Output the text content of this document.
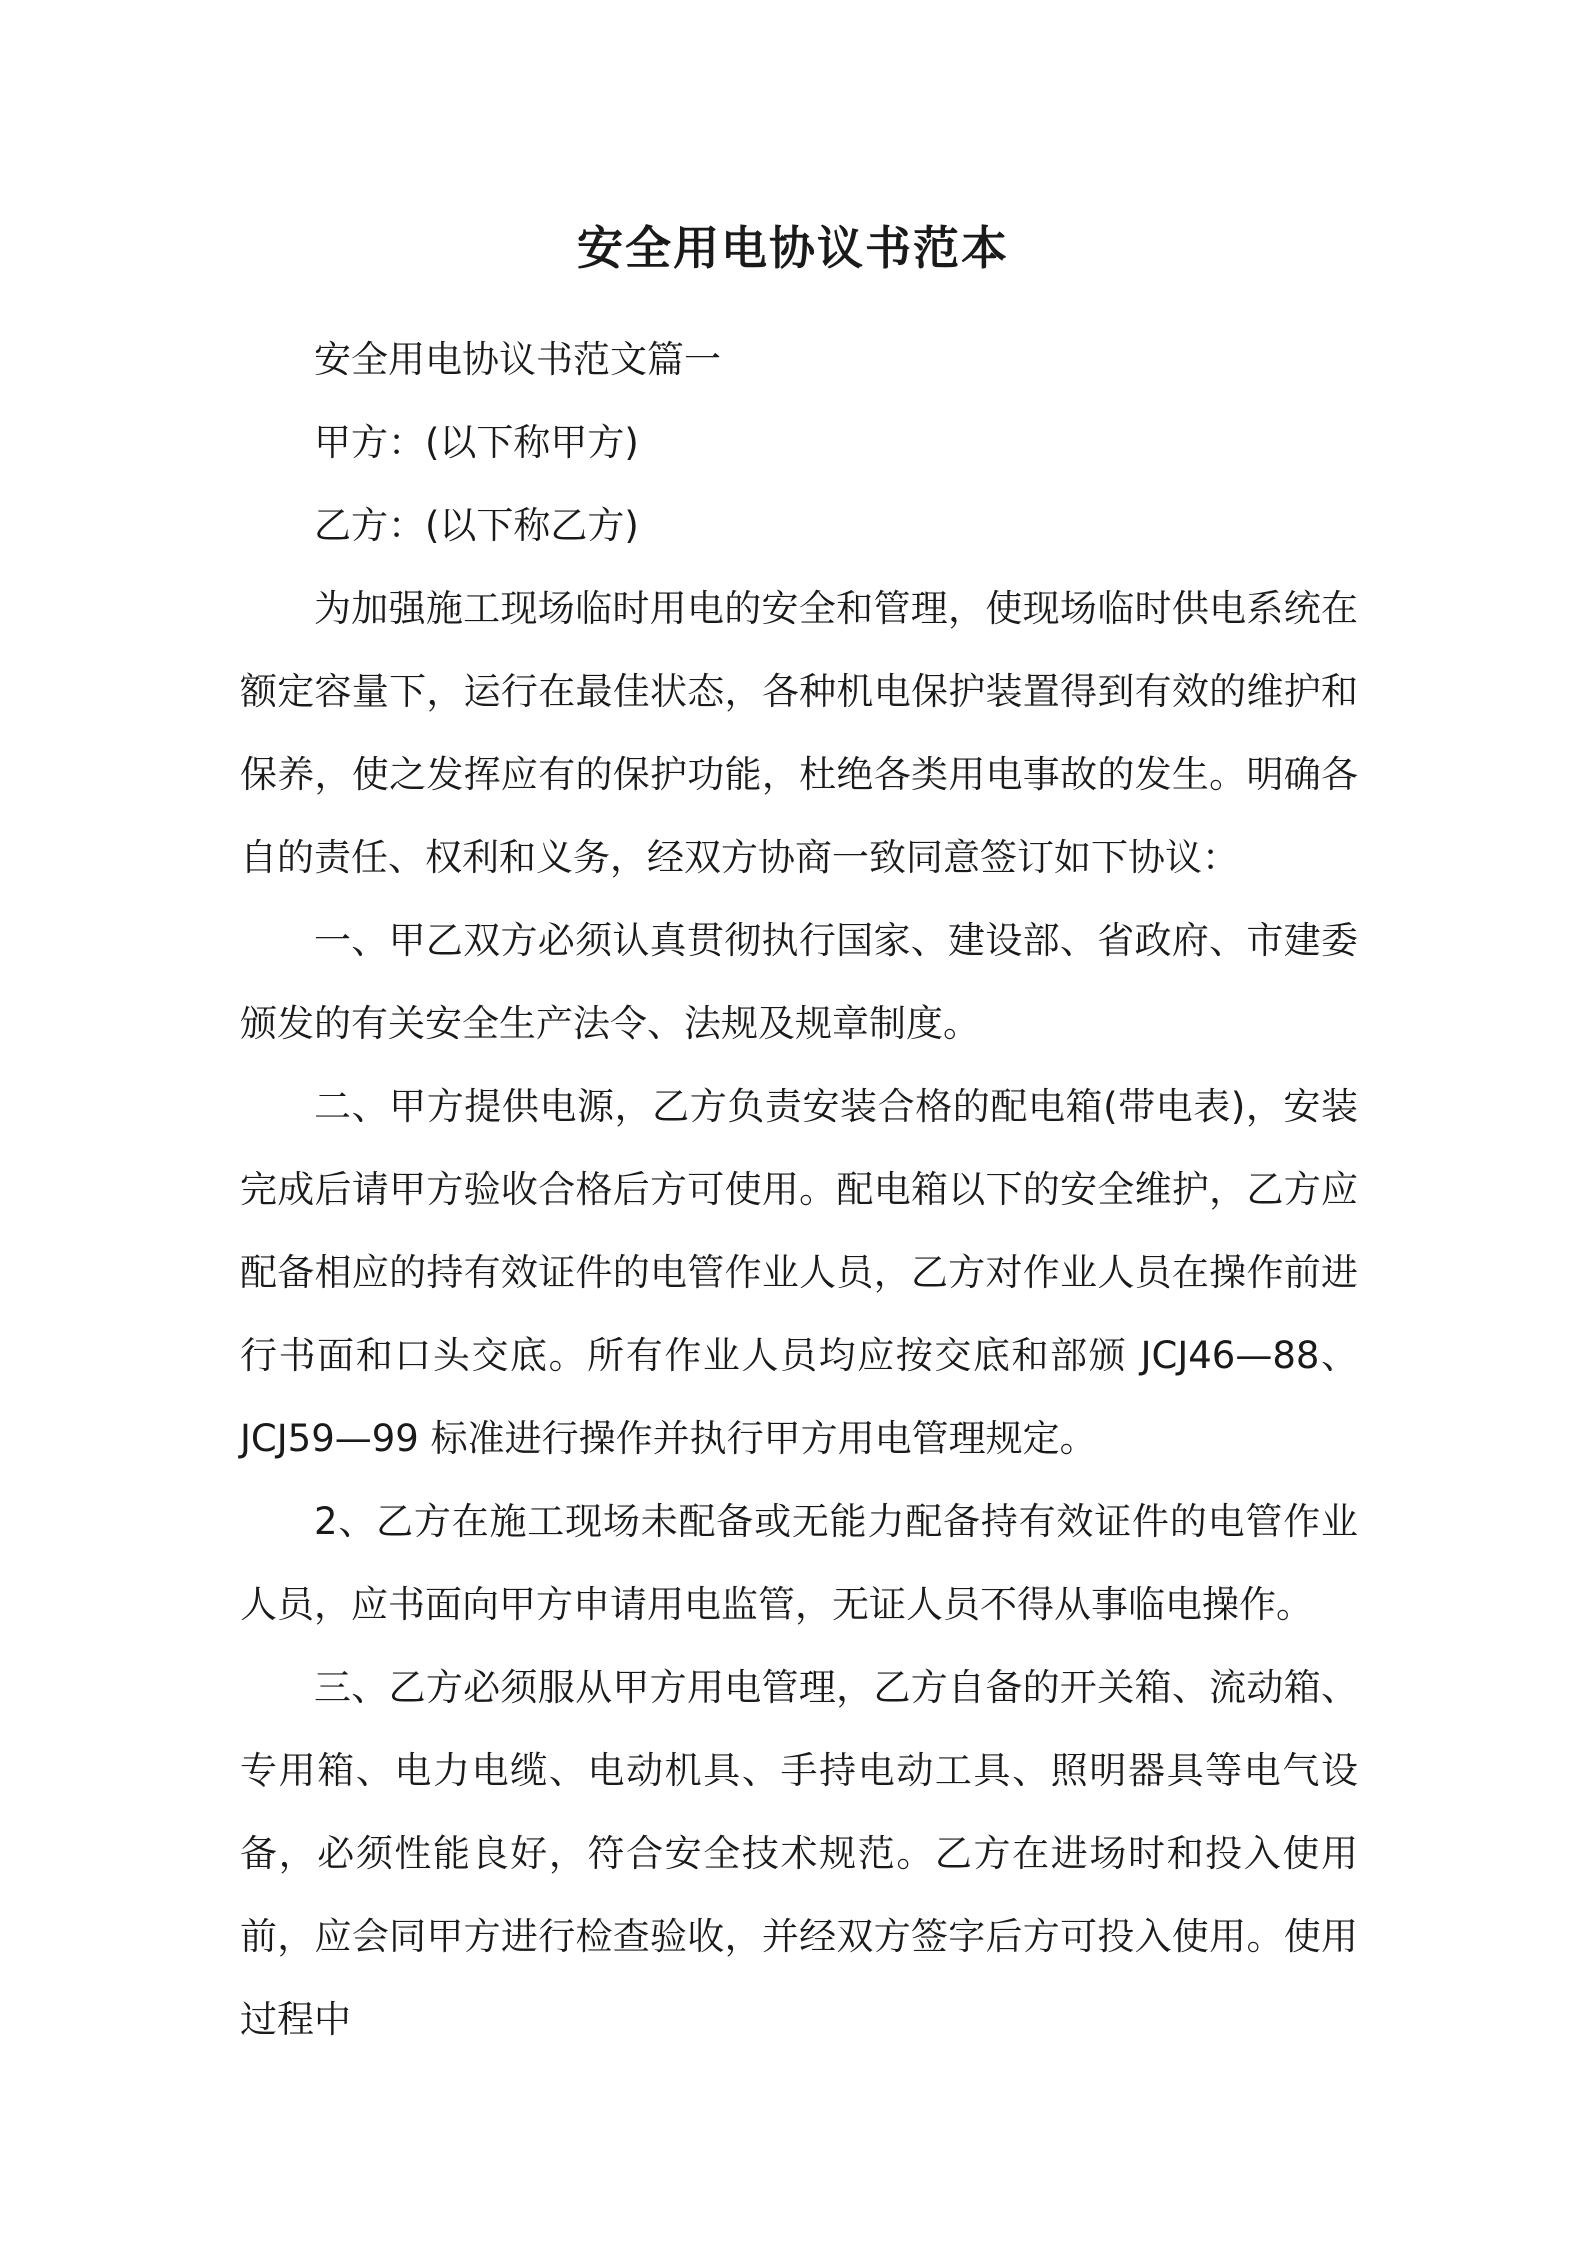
安全用电协议书范本

安全用电协议书范文篇一

甲方：(以下称甲方)

乙方：(以下称乙方)

为加强施工现场临时用电的安全和管理，使现场临时供电系统在额定容量下，运行在最佳状态，各种机电保护装置得到有效的维护和保养，使之发挥应有的保护功能，杜绝各类用电事故的发生。明确各自的责任、权利和义务，经双方协商一致同意签订如下协议：

一、甲乙双方必须认真贯彻执行国家、建设部、省政府、市建委颁发的有关安全生产法令、法规及规章制度。

二、甲方提供电源，乙方负责安装合格的配电箱(带电表)，安装完成后请甲方验收合格后方可使用。配电箱以下的安全维护，乙方应配备相应的持有效证件的电管作业人员，乙方对作业人员在操作前进行书面和口头交底。所有作业人员均应按交底和部颁 JCJ46—88、JCJ59—99 标准进行操作并执行甲方用电管理规定。

2、乙方在施工现场未配备或无能力配备持有效证件的电管作业人员，应书面向甲方申请用电监管，无证人员不得从事临电操作。

三、乙方必须服从甲方用电管理，乙方自备的开关箱、流动箱、专用箱、电力电缆、电动机具、手持电动工具、照明器具等电气设备，必须性能良好，符合安全技术规范。乙方在进场时和投入使用前，应会同甲方进行检查验收，并经双方签字后方可投入使用。使用过程中
